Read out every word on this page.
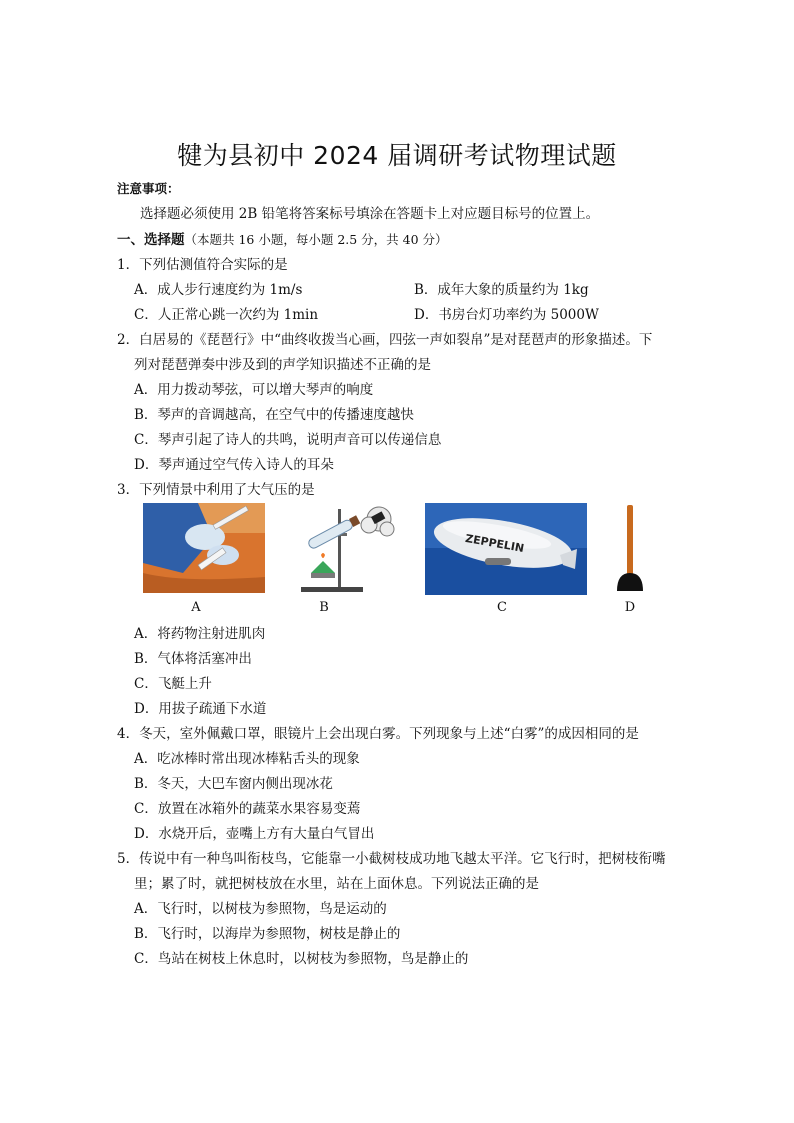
犍为县初中 2024 届调研考试物理试题
注意事项：
选择题必须使用 2B 铅笔将答案标号填涂在答题卡上对应题目标号的位置上。
一、选择题（本题共 16 小题，每小题 2.5 分，共 40 分）
1．下列估测值符合实际的是
A．成人步行速度约为 1m/s	B．成年大象的质量约为 1kg
C．人正常心跳一次约为 1min	D．书房台灯功率约为 5000W
2．白居易的《琵琶行》中“曲终收拨当心画，四弦一声如裂帛”是对琵琶声的形象描述。下
列对琵琶弹奏中涉及到的声学知识描述不正确的是
A．用力拨动琴弦，可以增大琴声的响度
B．琴声的音调越高，在空气中的传播速度越快
C．琴声引起了诗人的共鸣，说明声音可以传递信息
D．琴声通过空气传入诗人的耳朵
3．下列情景中利用了大气压的是
ZEPPELIN
A	B	C	D
A．将药物注射进肌肉
B．气体将活塞冲出
C．飞艇上升
D．用拔子疏通下水道
4．冬天，室外佩戴口罩，眼镜片上会出现白雾。下列现象与上述“白雾”的成因相同的是
A．吃冰棒时常出现冰棒粘舌头的现象
B．冬天，大巴车窗内侧出现冰花
C．放置在冰箱外的蔬菜水果容易变蔫
D．水烧开后，壶嘴上方有大量白气冒出
5．传说中有一种鸟叫衔枝鸟，它能靠一小截树枝成功地飞越太平洋。它飞行时，把树枝衔嘴
里；累了时，就把树枝放在水里，站在上面休息。下列说法正确的是
A．飞行时，以树枝为参照物，鸟是运动的
B．飞行时，以海岸为参照物，树枝是静止的
C．鸟站在树枝上休息时，以树枝为参照物，鸟是静止的
